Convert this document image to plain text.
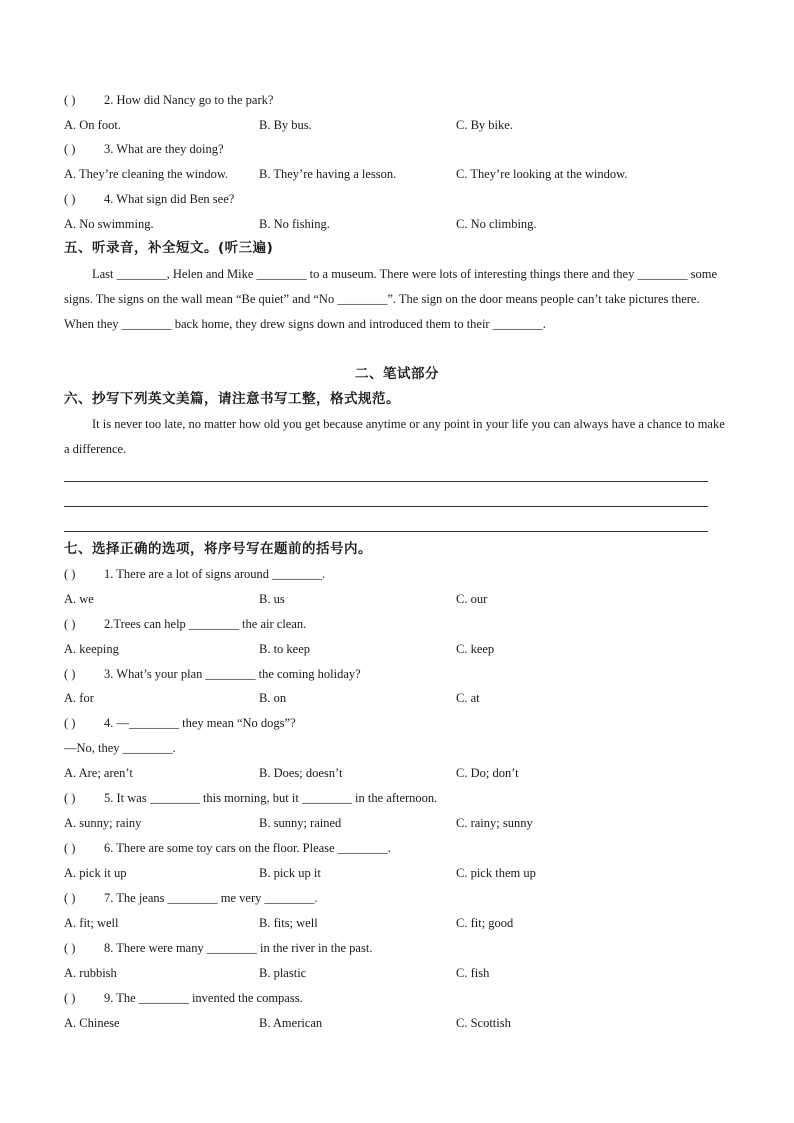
( ) 2. How did Nancy go to the park?
A. On foot.	B. By bus.	C. By bike.
( ) 3. What are they doing?
A. They’re cleaning the window. B. They’re having a lesson.	C. They’re looking at the window.
( ) 4. What sign did Ben see?
A. No swimming.	B. No fishing.	C. No climbing.
五、听录音，补全短文。(听三遍)
Last ________, Helen and Mike ________ to a museum. There were lots of interesting things there and they ________ some signs. The signs on the wall mean “Be quiet” and “No ________”. The sign on the door means people can’t take pictures there. When they ________ back home, they drew signs down and introduced them to their ________.
二、笔试部分
六、抄写下列英文美篇，请注意书写工整，格式规范。
It is never too late, no matter how old you get because anytime or any point in your life you can always have a chance to make a difference.
七、选择正确的选项，将序号写在题前的括号内。
( ) 1. There are a lot of signs around ________.
A. we	B. us	C. our
( ) 2.Trees can help ________ the air clean.
A. keeping	B. to keep	C. keep
( ) 3. What’s your plan ________ the coming holiday?
A. for	B. on	C. at
( ) 4. —________ they mean “No dogs”?
—No, they ________.
A. Are; aren’t	B. Does; doesn’t	C. Do; don’t
( ) 5. It was ________ this morning, but it ________ in the afternoon.
A. sunny; rainy	B. sunny; rained	C. rainy; sunny
( ) 6. There are some toy cars on the floor. Please ________.
A. pick it up	B. pick up it	C. pick them up
( ) 7. The jeans ________ me very ________.
A. fit; well	B. fits; well	C. fit; good
( ) 8. There were many ________ in the river in the past.
A. rubbish	B. plastic	C. fish
( ) 9. The ________ invented the compass.
A. Chinese	B. American	C. Scottish
